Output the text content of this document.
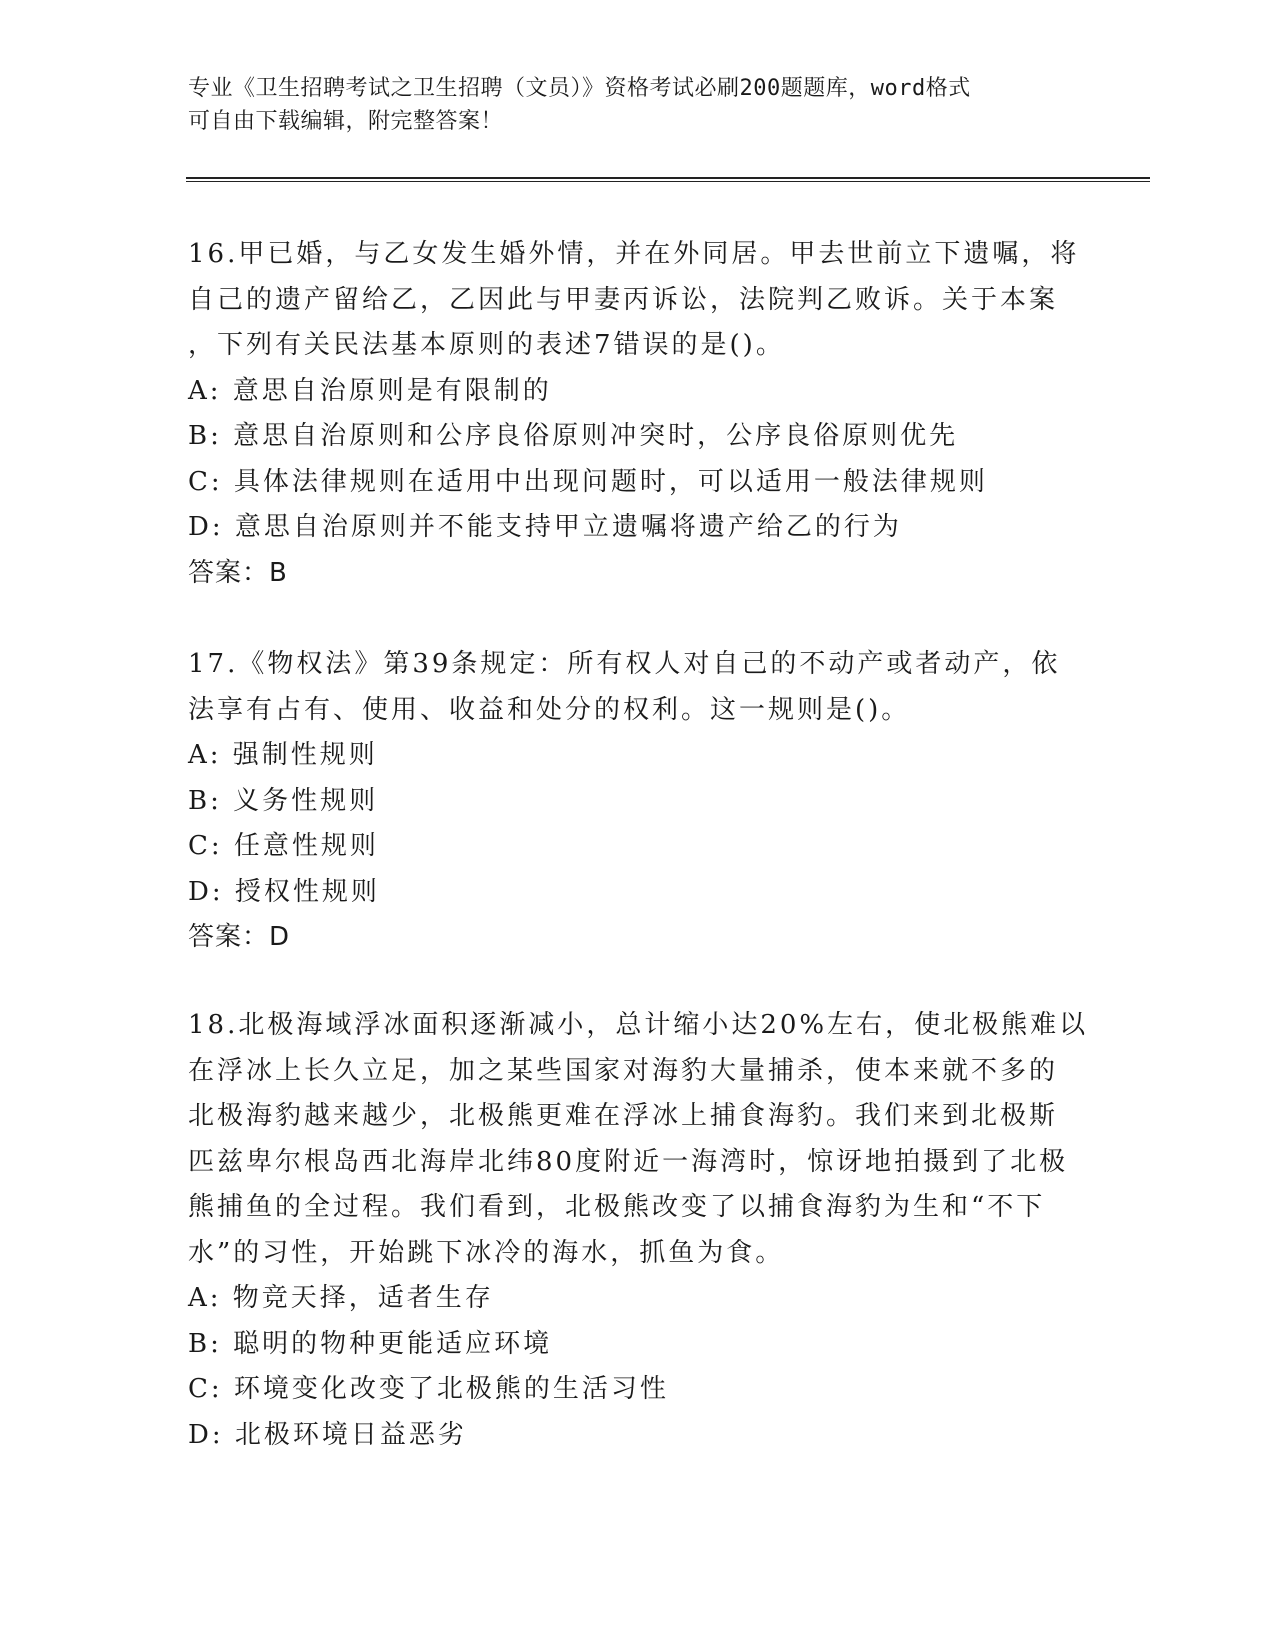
专业《卫生招聘考试之卫生招聘（文员）》资格考试必刷200题题库，word格式

可自由下载编辑，附完整答案！

16.甲已婚，与乙女发生婚外情，并在外同居。甲去世前立下遗嘱，将

自己的遗产留给乙，乙因此与甲妻丙诉讼，法院判乙败诉。关于本案

，下列有关民法基本原则的表述7错误的是()。

A: 意思自治原则是有限制的

B: 意思自治原则和公序良俗原则冲突时，公序良俗原则优先

C: 具体法律规则在适用中出现问题时，可以适用一般法律规则

D: 意思自治原则并不能支持甲立遗嘱将遗产给乙的行为

答案：B

17.《物权法》第39条规定：所有权人对自己的不动产或者动产，依

法享有占有、使用、收益和处分的权利。这一规则是()。

A: 强制性规则

B: 义务性规则

C: 任意性规则

D: 授权性规则

答案：D

18.北极海域浮冰面积逐渐减小，总计缩小达20%左右，使北极熊难以

在浮冰上长久立足，加之某些国家对海豹大量捕杀，使本来就不多的

北极海豹越来越少，北极熊更难在浮冰上捕食海豹。我们来到北极斯

匹兹卑尔根岛西北海岸北纬80度附近一海湾时，惊讶地拍摄到了北极

熊捕鱼的全过程。我们看到，北极熊改变了以捕食海豹为生和“不下

水”的习性，开始跳下冰冷的海水，抓鱼为食。

A: 物竞天择，适者生存

B: 聪明的物种更能适应环境

C: 环境变化改变了北极熊的生活习性

D: 北极环境日益恶劣
